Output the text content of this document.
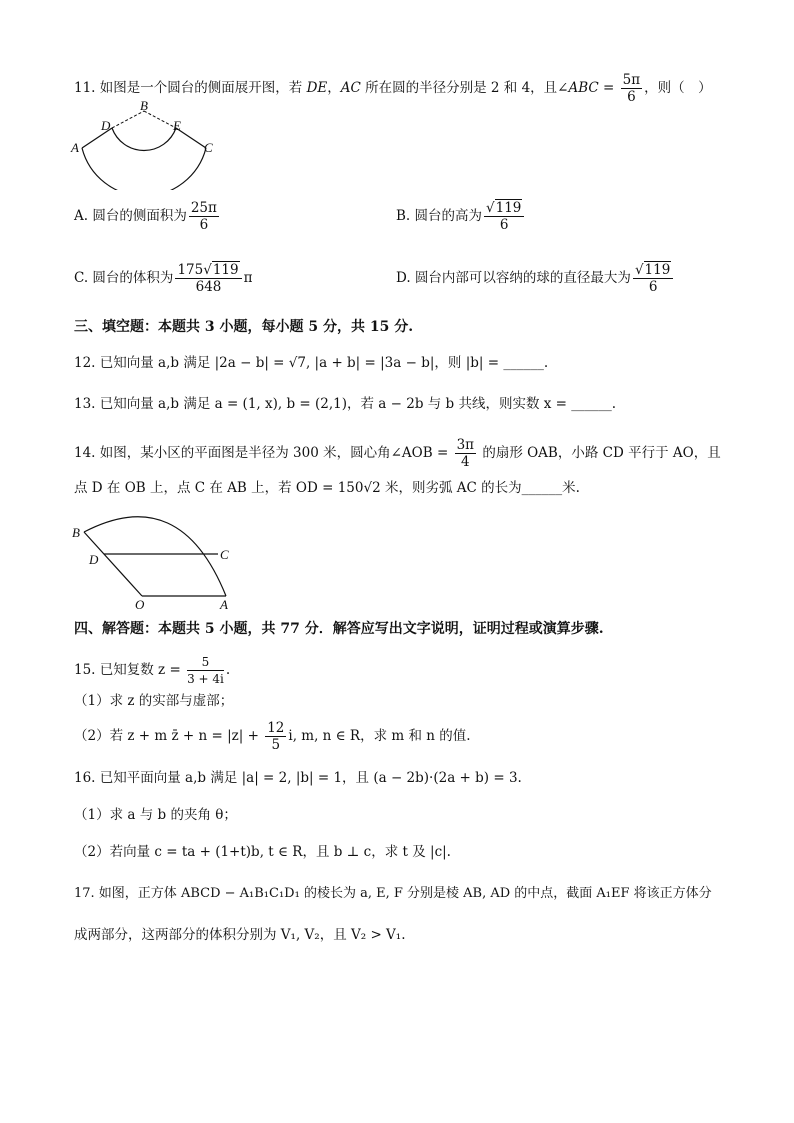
11. 如图是一个圆台的侧面展开图，若 DE，AC 所在圆的半径分别是 2 和 4，且∠ABC = $\frac{5\pi}{6}$ ，则（　）
B
D	E
A	C
A. 圆台的侧面积为 $\frac{25\pi}{6}$	B. 圆台的高为 $\frac{√119}{6}$
C. 圆台的体积为 $\frac{175√119}{648}$ π	D. 圆台内部可以容纳的球的直径最大为 $\frac{√119}{6}$
三、填空题：本题共 3 小题，每小题 5 分，共 15 分.
12. 已知向量 a,b 满足 |2a − b| = √7, |a + b| = |3a − b|，则 |b| = ______.
13. 已知向量 a,b 满足 a = (1, x), b = (2,1)，若 a − 2b 与 b 共线，则实数 x = ______.
14. 如图，某小区的平面图是半径为 300 米，圆心角∠AOB = $\frac{3\pi}{4}$ 的扇形 OAB，小路 CD 平行于 AO，且
点 D 在 OB 上，点 C 在 AB 上，若 OD = 150√2 米，则劣弧 AC 的长为______米.
B
D	C
O	A
四、解答题：本题共 5 小题，共 77 分．解答应写出文字说明，证明过程或演算步骤.
15. 已知复数 $z = \frac{5}{3 + 4i}$ .
（1）求 z 的实部与虚部；
（2）若 z + m z̄ + $n = |z| + \frac{12}{5} i$, m, n ∈ R，求 m 和 n 的值.
16. 已知平面向量 a,b 满足 |a| = 2, |b| = 1，且 (a − 2b)·(2a + b) = 3.
（1）求 a 与 b 的夹角 θ；
（2）若向量 c = ta + (1+t)b, t ∈ R，且 b ⊥ c，求 t 及 |c|.
17. 如图，正方体 ABCD − A₁B₁C₁D₁ 的棱长为 a, E, F 分别是棱 AB, AD 的中点，截面 A₁EF 将该正方体分
成两部分，这两部分的体积分别为 V₁, V₂，且 V₂ > V₁.
